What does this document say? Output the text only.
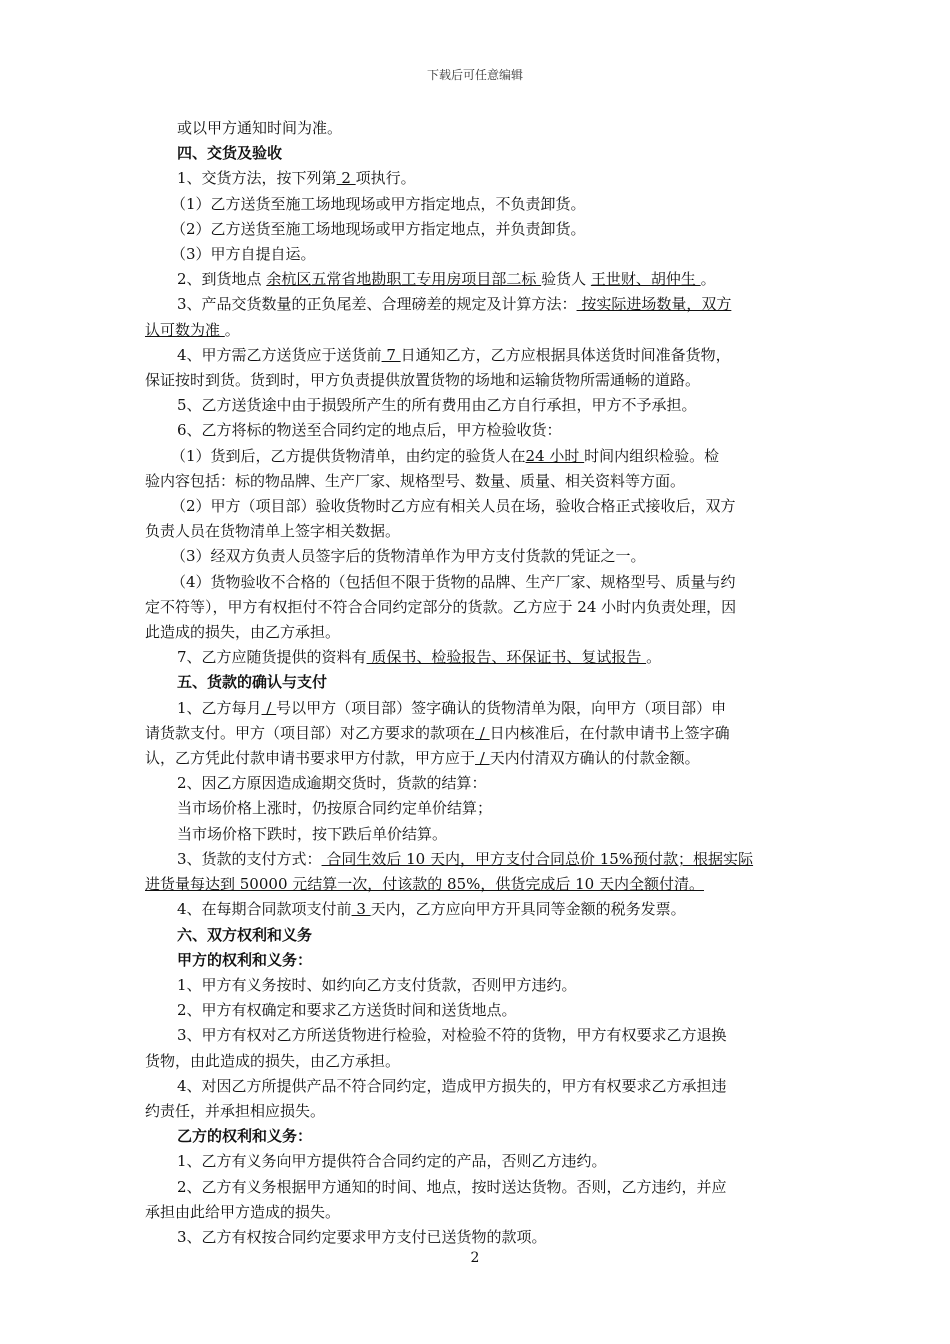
下载后可任意编辑
或以甲方通知时间为准。
四、交货及验收
1、交货方法，按下列第 2 项执行。
（1）乙方送货至施工场地现场或甲方指定地点，不负责卸货。
（2）乙方送货至施工场地现场或甲方指定地点，并负责卸货。
（3）甲方自提自运。
2、到货地点 余杭区五常省地勘职工专用房项目部二标 验货人 王世财、胡仲生 。
3、产品交货数量的正负尾差、合理磅差的规定及计算方法： 按实际进场数量，双方
认可数为准 。
4、甲方需乙方送货应于送货前 7 日通知乙方，乙方应根据具体送货时间准备货物，
保证按时到货。货到时，甲方负责提供放置货物的场地和运输货物所需通畅的道路。
5、乙方送货途中由于损毁所产生的所有费用由乙方自行承担，甲方不予承担。
6、乙方将标的物送至合同约定的地点后，甲方检验收货：
（1）货到后，乙方提供货物清单，由约定的验货人在24 小时 时间内组织检验。检
验内容包括：标的物品牌、生产厂家、规格型号、数量、质量、相关资料等方面。
（2）甲方（项目部）验收货物时乙方应有相关人员在场，验收合格正式接收后，双方
负责人员在货物清单上签字相关数据。
（3）经双方负责人员签字后的货物清单作为甲方支付货款的凭证之一。
（4）货物验收不合格的（包括但不限于货物的品牌、生产厂家、规格型号、质量与约
定不符等），甲方有权拒付不符合合同约定部分的货款。乙方应于 24 小时内负责处理，因
此造成的损失，由乙方承担。
7、乙方应随货提供的资料有 质保书、检验报告、环保证书、复试报告 。
五、货款的确认与支付
1、乙方每月 / 号以甲方（项目部）签字确认的货物清单为限，向甲方（项目部）申
请货款支付。甲方（项目部）对乙方要求的款项在 / 日内核准后，在付款申请书上签字确
认，乙方凭此付款申请书要求甲方付款，甲方应于 / 天内付清双方确认的付款金额。
2、因乙方原因造成逾期交货时，货款的结算：
当市场价格上涨时，仍按原合同约定单价结算；
当市场价格下跌时，按下跌后单价结算。
3、货款的支付方式： 合同生效后 10 天内，甲方支付合同总价 15%预付款；根据实际
进货量每达到 50000 元结算一次，付该款的 85%，供货完成后 10 天内全额付清。
4、在每期合同款项支付前 3 天内，乙方应向甲方开具同等金额的税务发票。
六、双方权利和义务
甲方的权利和义务：
1、甲方有义务按时、如约向乙方支付货款，否则甲方违约。
2、甲方有权确定和要求乙方送货时间和送货地点。
3、甲方有权对乙方所送货物进行检验，对检验不符的货物，甲方有权要求乙方退换
货物，由此造成的损失，由乙方承担。
4、对因乙方所提供产品不符合同约定，造成甲方损失的，甲方有权要求乙方承担违
约责任，并承担相应损失。
乙方的权利和义务：
1、乙方有义务向甲方提供符合合同约定的产品，否则乙方违约。
2、乙方有义务根据甲方通知的时间、地点，按时送达货物。否则，乙方违约，并应
承担由此给甲方造成的损失。
3、乙方有权按合同约定要求甲方支付已送货物的款项。
2
